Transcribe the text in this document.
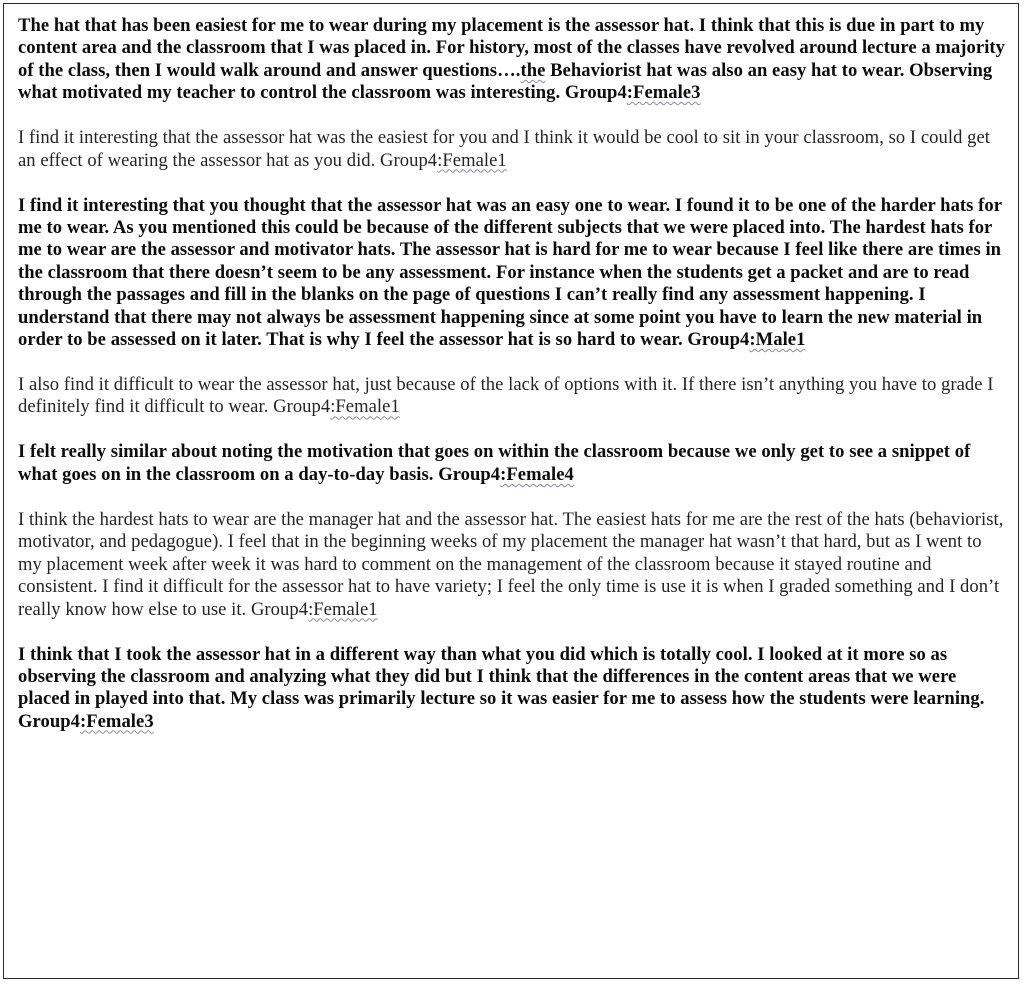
The hat that has been easiest for me to wear during my placement is the assessor hat. I think that this is due in part to my content area and the classroom that I was placed in. For history, most of the classes have revolved around lecture a majority of the class, then I would walk around and answer questions….the Behaviorist hat was also an easy hat to wear. Observing what motivated my teacher to control the classroom was interesting. Group4:Female3

I find it interesting that the assessor hat was the easiest for you and I think it would be cool to sit in your classroom, so I could get an effect of wearing the assessor hat as you did. Group4:Female1

I find it interesting that you thought that the assessor hat was an easy one to wear. I found it to be one of the harder hats for me to wear. As you mentioned this could be because of the different subjects that we were placed into. The hardest hats for me to wear are the assessor and motivator hats. The assessor hat is hard for me to wear because I feel like there are times in the classroom that there doesn’t seem to be any assessment. For instance when the students get a packet and are to read through the passages and fill in the blanks on the page of questions I can’t really find any assessment happening. I understand that there may not always be assessment happening since at some point you have to learn the new material in order to be assessed on it later. That is why I feel the assessor hat is so hard to wear. Group4:Male1

I also find it difficult to wear the assessor hat, just because of the lack of options with it. If there isn’t anything you have to grade I definitely find it difficult to wear. Group4:Female1

I felt really similar about noting the motivation that goes on within the classroom because we only get to see a snippet of what goes on in the classroom on a day-to-day basis. Group4:Female4

I think the hardest hats to wear are the manager hat and the assessor hat. The easiest hats for me are the rest of the hats (behaviorist, motivator, and pedagogue). I feel that in the beginning weeks of my placement the manager hat wasn’t that hard, but as I went to my placement week after week it was hard to comment on the management of the classroom because it stayed routine and consistent. I find it difficult for the assessor hat to have variety; I feel the only time is use it is when I graded something and I don’t really know how else to use it. Group4:Female1

I think that I took the assessor hat in a different way than what you did which is totally cool. I looked at it more so as observing the classroom and analyzing what they did but I think that the differences in the content areas that we were placed in played into that. My class was primarily lecture so it was easier for me to assess how the students were learning. Group4:Female3
